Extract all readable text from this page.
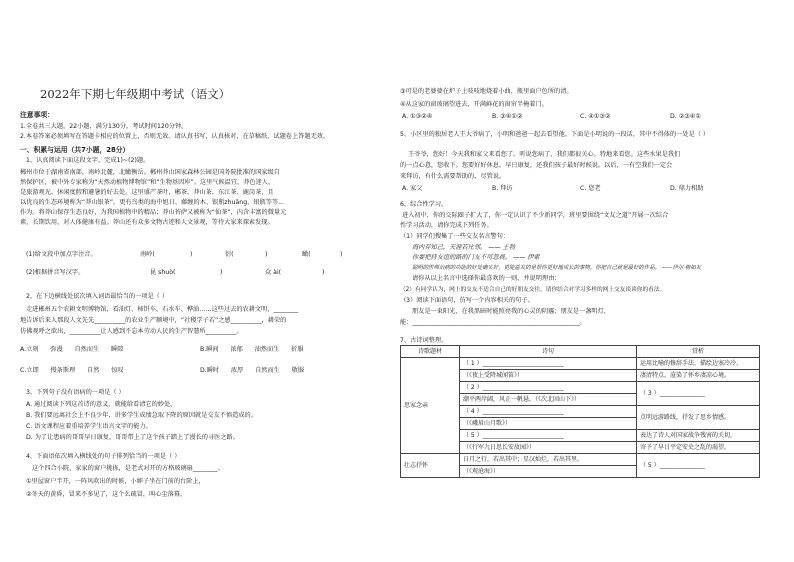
2022年下期七年级期中考试（语文）
注意事项：
1.全卷共三大题，22小题，满分130分，考试时间120分钟。
2.本卷答案必须填写在答题卡相应的位置上，否则无效。请认真书写，认真核对，在草稿纸、试题卷上答题无效。
一、积累与运用（共7小题，28分）
1、认真阅读下面这段文字，完成1)~(2)题。
郴州市位于湖南省南部，南岭北麓，北瞰衡岳。郴州莽山国家森林公园是国务院批准的国家级自
然保护区，被中外专家称为“天然动植物博物馆”和“生物基因库”。这里气候温宜，莽色迷人，
是旅游观光、休闲度假和避暑的好去处。这里盛产茶叶，郴茶、莽山茶、东江茶、鹿岗茶，且
以优良的生态环境称为“莽山银茶”，更有鸟类的海中旭日、藤缠的木、银瓶zhuāng、银瓶等等...
作为。将莽山保存生态良好，为我国植物中的精品；莽山苔萨又被称为“仙茶”，内含丰富的微量元
素，长期饮用，对人体健康有益。莽山还有众多文物古迹和人文景观，等待大家来探索发现。
(1)给文段中加点字注音。	南岭(	)	衍(	)	瞰(	)
(2)根据拼音写汉字。	昆 shuò(	)	众 ài(	)
2、在下边横线处依次填入词语最恰当的一项是（ ）
走进郴州五个农耕文明博物馆，看油灯、柿饼车、石水车、桦油……这些过去的农耕文明，________
地告诉后来人那段人文先先__________的农业生产顺境中，“社稷学子若”之感__________，耕荣的
仿佛观呼之欲出，__________让人感到不忘本劳动人民的生产智慧所__________。
A.立刻 弥漫 自然而生 瞬隙	B.瞬间 浓郁 油然而生 折服
C.立即 慢条斯理 自然 惊叹	D.瞬时 浓厚 自然而生 敬服
3、下列句子没有语病的一项是（ ）
A. 通过阅读下列这首诗的意义，就能给看清它的妙处。
B. 我们要远离社会上不良少年，讲多学生成绩急取下降的原因就是交友不慎造成的。
C. 语文课程应着重培养学生语言文字的能力。
D. 为了让患病的哥哥早日康复，哥哥带上了这个孩子踏上了漫长的寻医之路。
4、下面语依次填入横线处的句子排列恰当的一项是（ ）
这个四合小院，家家的窗户挑拣，是老式对开的方格玻璃扇________。
①里屋窗户半开，一阵风吹出的时候，小婶子坐在门前的台阶上，
②冬天的黄昏，冒来不多见了，这个么疏冒，叫心尘落幕。
③可是的老婆婆在炉子上吱吱地烧着小曲，瓶里面户色所的清。
④从这家的窗玻璃望进去，开满鲜花的窗帘半掩着门。
A. ①③②④	B. ③④①②	C. ④①③②	D. ②③④①
5、小区里的独居老人王大爷病了，小明和爸爸一起去看望他。下面是小明说的一段话，其中不得体的一处是（ ）
王爷爷，您好！今天我和家父来看您了。听说您病了，我们都很关心。特地来看您。这些水果是我们
的一点心意，您收下。您要好好休息，早日康复，还我们孩子最好时候说。以后，一有空我们一定会
来拜访，有什么需要帮助的，尽管说。
A. 家父	B. 拜访	C. 您老	D. 鼎力相助
6、综合性学习。
进入初中，你的交际圈子扩大了，你一定认识了不少新同学，班里要围绕“文友之道”开展一次综合
性学习活动，请你完成下列任务。
（1）同学们搜集了一些交友名言警句：
海内存知己，天涯若比邻。 —— 王勃
你要把持友谊的路的门友不可忽视。 —— 伊索
聪明的医师治病的功能的好处确实好，更能益友的是帮你更好地成长的事物。你把自己就是最好的作品。 ——伊尔·梅如友
请你从以上名言中选择你最喜欢的一则，并说明理由：
（2）有同学认为，网上的交友不适合自己的好朋友交往，请你结合对学习多样的网上交友谈谈你的看法。
（3）阅读下面语句，仿写一个内容相关的句子。
朋友是一束阳光，在我黑暗时能照亮我的心灵的阴霾；朋友是一盏明灯，
能：______________________________________________________。
7、古诗词整理。
诗歌题材	诗句	赏析
思家念亲	（ 1 ）___________________________	运用比喻的修辞手法，描绘边塞冷冷、
	（《夜上受降城闻笛》）	凄清特点，渲染了怀乡凄凉心境。
	（ 2 ）___________________________	（ 3 ）_______________
	潮平两岸阔，风正一帆悬。（《次北固山下》）	
	（ 4 ）___________________________	点明远游路线，抒发了思乡情感。
	（《峨眉山月歌》）	
	（ 5 ）___________________________	表达了诗人对国家战争残害的关切，
	（《行军九日思长安故园》）	寄予了早日平定安史之乱的渴望。
壮志抒怀	日月之行，若出其中；星汉灿烂，若出其里。	（ 5 ）_______________
	（《观沧海》）	
